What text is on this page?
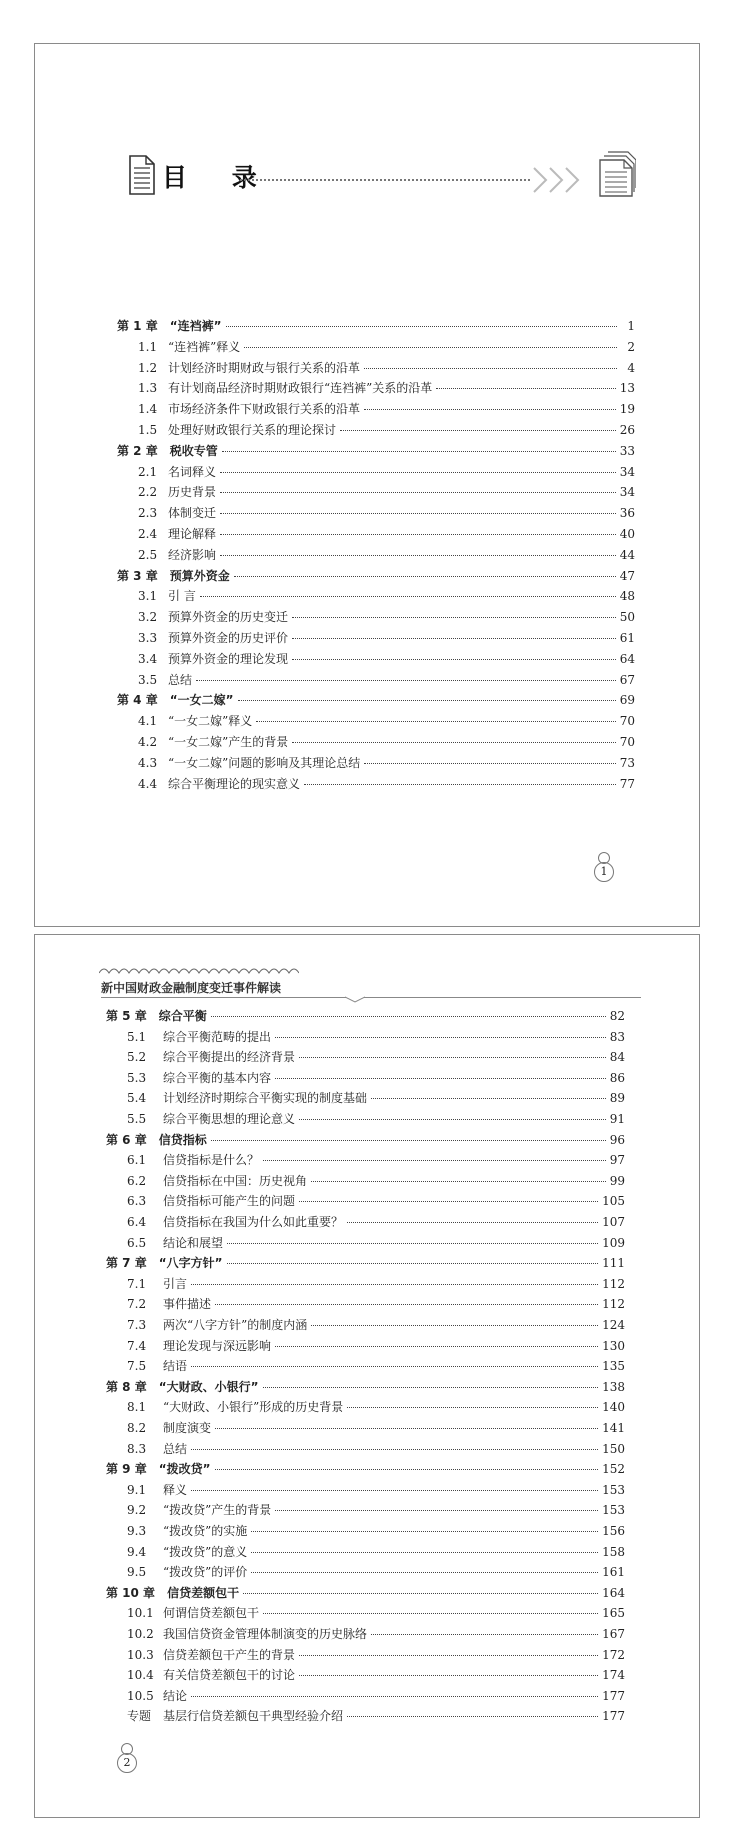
目 录
第 1 章 “连裆裤”	1
1.1 “连裆裤”释义	2
1.2 计划经济时期财政与银行关系的沿革	4
1.3 有计划商品经济时期财政银行“连裆裤”关系的沿革	13
1.4 市场经济条件下财政银行关系的沿革	19
1.5 处理好财政银行关系的理论探讨	26
第 2 章 税收专管	33
2.1 名词释义	34
2.2 历史背景	34
2.3 体制变迁	36
2.4 理论解释	40
2.5 经济影响	44
第 3 章 预算外资金	47
3.1 引 言	48
3.2 预算外资金的历史变迁	50
3.3 预算外资金的历史评价	61
3.4 预算外资金的理论发现	64
3.5 总结	67
第 4 章 “一女二嫁”	69
4.1 “一女二嫁”释义	70
4.2 “一女二嫁”产生的背景	70
4.3 “一女二嫁”问题的影响及其理论总结	73
4.4 综合平衡理论的现实意义	77
1
新中国财政金融制度变迁事件解读
第 5 章 综合平衡	82
5.1 综合平衡范畴的提出	83
5.2 综合平衡提出的经济背景	84
5.3 综合平衡的基本内容	86
5.4 计划经济时期综合平衡实现的制度基础	89
5.5 综合平衡思想的理论意义	91
第 6 章 信贷指标	96
6.1 信贷指标是什么？	97
6.2 信贷指标在中国：历史视角	99
6.3 信贷指标可能产生的问题	105
6.4 信贷指标在我国为什么如此重要？	107
6.5 结论和展望	109
第 7 章 “八字方针”	111
7.1 引言	112
7.2 事件描述	112
7.3 两次“八字方针”的制度内涵	124
7.4 理论发现与深远影响	130
7.5 结语	135
第 8 章 “大财政、小银行”	138
8.1 “大财政、小银行”形成的历史背景	140
8.2 制度演变	141
8.3 总结	150
第 9 章 “拨改贷”	152
9.1 释义	153
9.2 “拨改贷”产生的背景	153
9.3 “拨改贷”的实施	156
9.4 “拨改贷”的意义	158
9.5 “拨改贷”的评价	161
第 10 章 信贷差额包干	164
10.1 何谓信贷差额包干	165
10.2 我国信贷资金管理体制演变的历史脉络	167
10.3 信贷差额包干产生的背景	172
10.4 有关信贷差额包干的讨论	174
10.5 结论	177
专题 基层行信贷差额包干典型经验介绍	177
2
